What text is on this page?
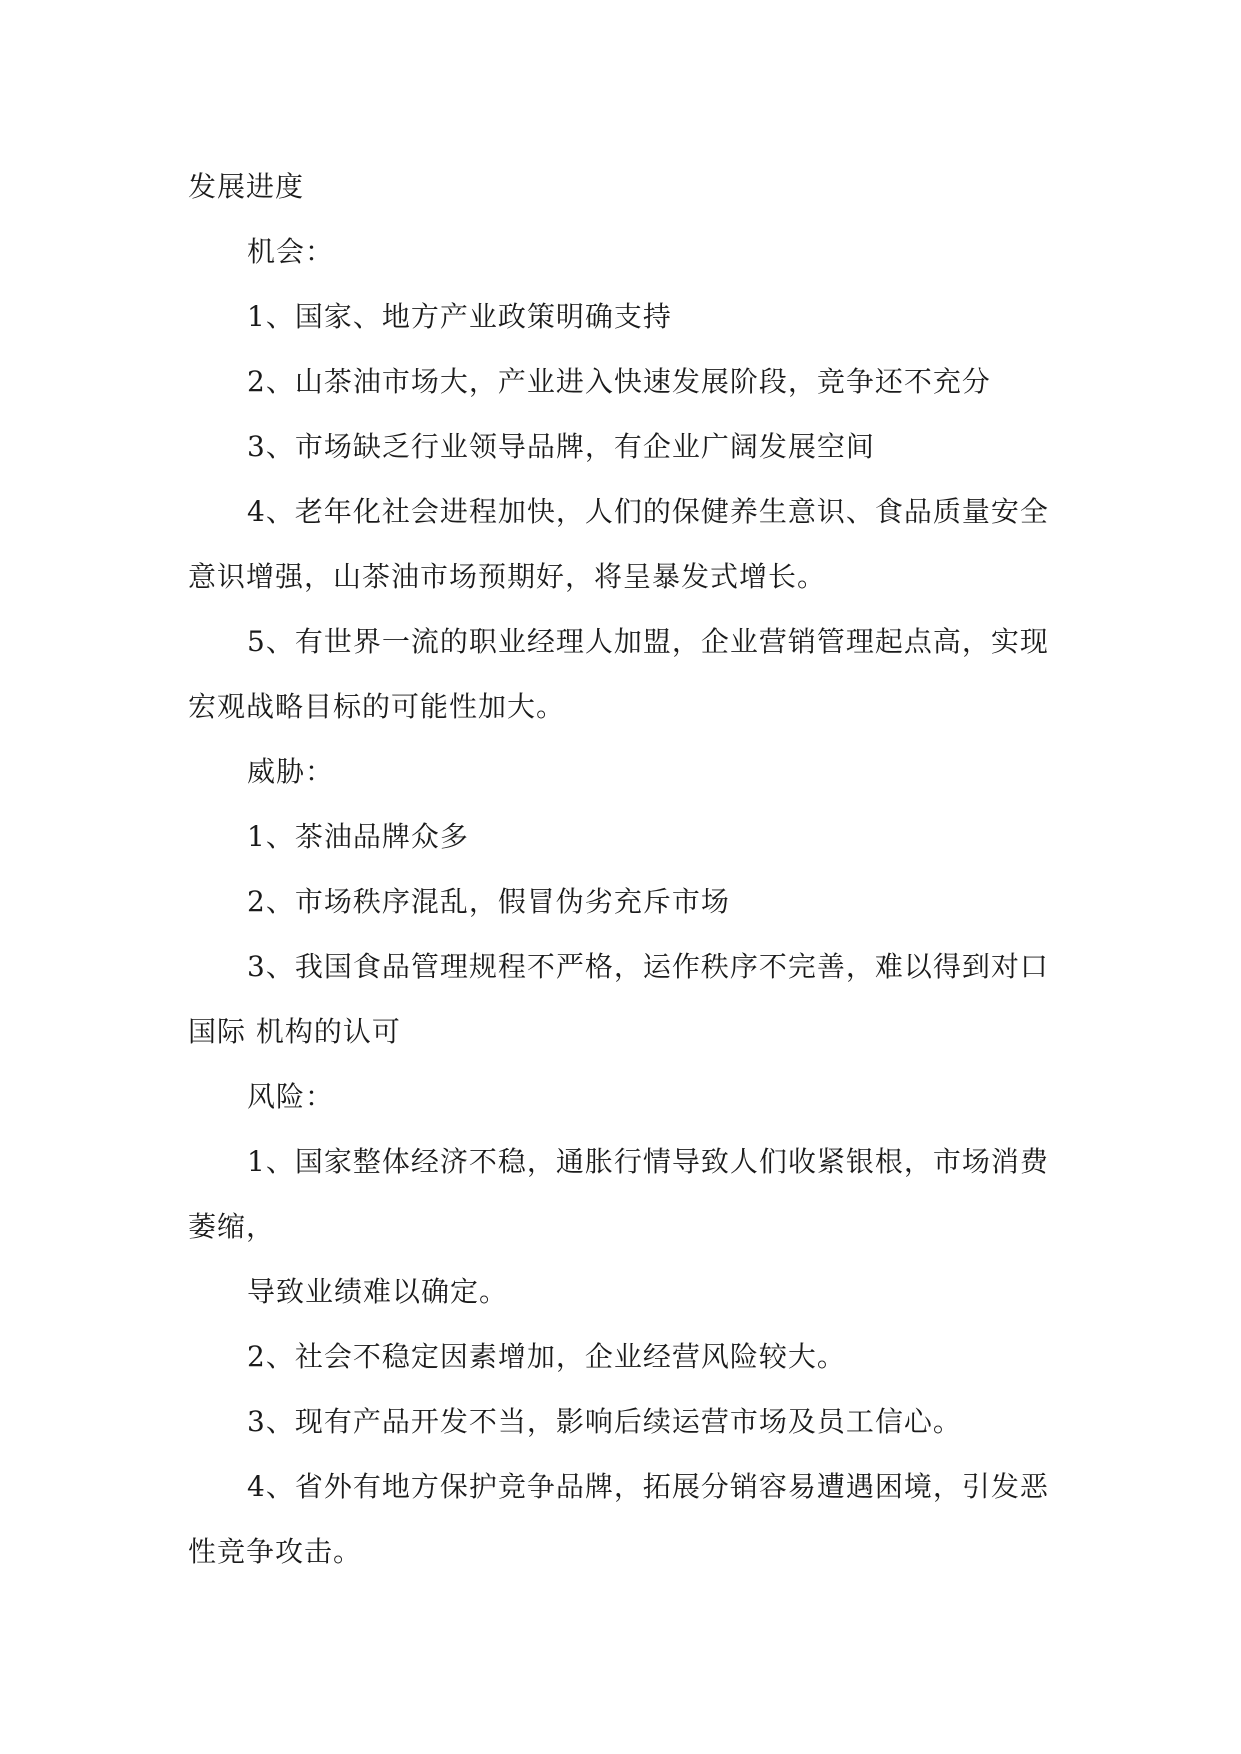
发展进度
机会：
1、国家、地方产业政策明确支持
2、山茶油市场大，产业进入快速发展阶段，竞争还不充分
3、市场缺乏行业领导品牌，有企业广阔发展空间
4、老年化社会进程加快，人们的保健养生意识、食品质量安全
意识增强，山茶油市场预期好，将呈暴发式增长。
5、有世界一流的职业经理人加盟，企业营销管理起点高，实现
宏观战略目标的可能性加大。
威胁：
1、茶油品牌众多
2、市场秩序混乱，假冒伪劣充斥市场
3、我国食品管理规程不严格，运作秩序不完善，难以得到对口
国际 机构的认可
风险：
1、国家整体经济不稳，通胀行情导致人们收紧银根，市场消费
萎缩，
导致业绩难以确定。
2、社会不稳定因素增加，企业经营风险较大。
3、现有产品开发不当，影响后续运营市场及员工信心。
4、省外有地方保护竞争品牌，拓展分销容易遭遇困境，引发恶
性竞争攻击。
